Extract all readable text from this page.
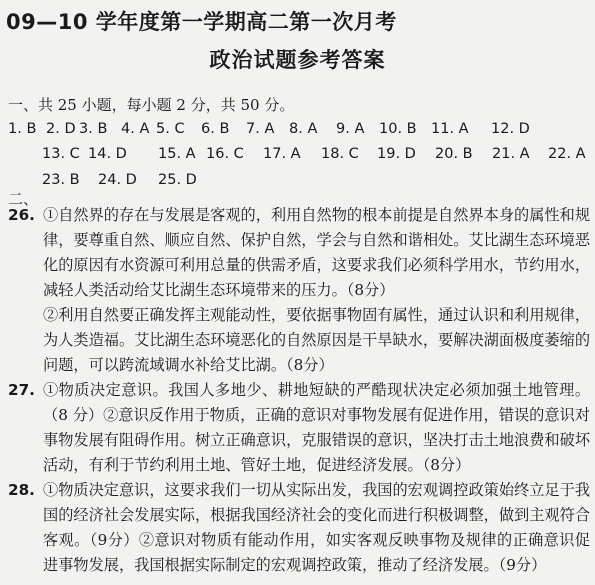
09—10 学年度第一学期高二第一次月考
政治试题参考答案
一、共 25 小题，每小题 2 分，共 50 分。
1. B 2. D 3. B 4. A 5. C 6. B 7. A 8. A 9. A 10. B 11. A 12. D
13. C 14. D 15. A 16. C 17. A 18. C 19. D 20. B 21. A 22. A
23. B 24. D 25. D
二、
26. ①自然界的存在与发展是客观的，利用自然物的根本前提是自然界本身的属性和规律，要尊重自然、顺应自然、保护自然，学会与自然和谐相处。艾比湖生态环境恶化的原因有水资源可利用总量的供需矛盾，这要求我们必须科学用水，节约用水，减轻人类活动给艾比湖生态环境带来的压力。（8分）

②利用自然要正确发挥主观能动性，要依据事物固有属性，通过认识和利用规律，为人类造福。艾比湖生态环境恶化的自然原因是干旱缺水，要解决湖面极度萎缩的问题，可以跨流域调水补给艾比湖。（8分）

27. ①物质决定意识。我国人多地少、耕地短缺的严酷现状决定必须加强土地管理。（8 分）②意识反作用于物质，正确的意识对事物发展有促进作用，错误的意识对事物发展有阻碍作用。树立正确意识，克服错误的意识，坚决打击土地浪费和破坏活动，有利于节约利用土地、管好土地，促进经济发展。（8分）

28. ①物质决定意识，这要求我们一切从实际出发，我国的宏观调控政策始终立足于我国的经济社会发展实际，根据我国经济社会的变化而进行积极调整，做到主观符合客观。（9分）②意识对物质有能动作用，如实客观反映事物及规律的正确意识促进事物发展，我国根据实际制定的宏观调控政策，推动了经济发展。（9分）
